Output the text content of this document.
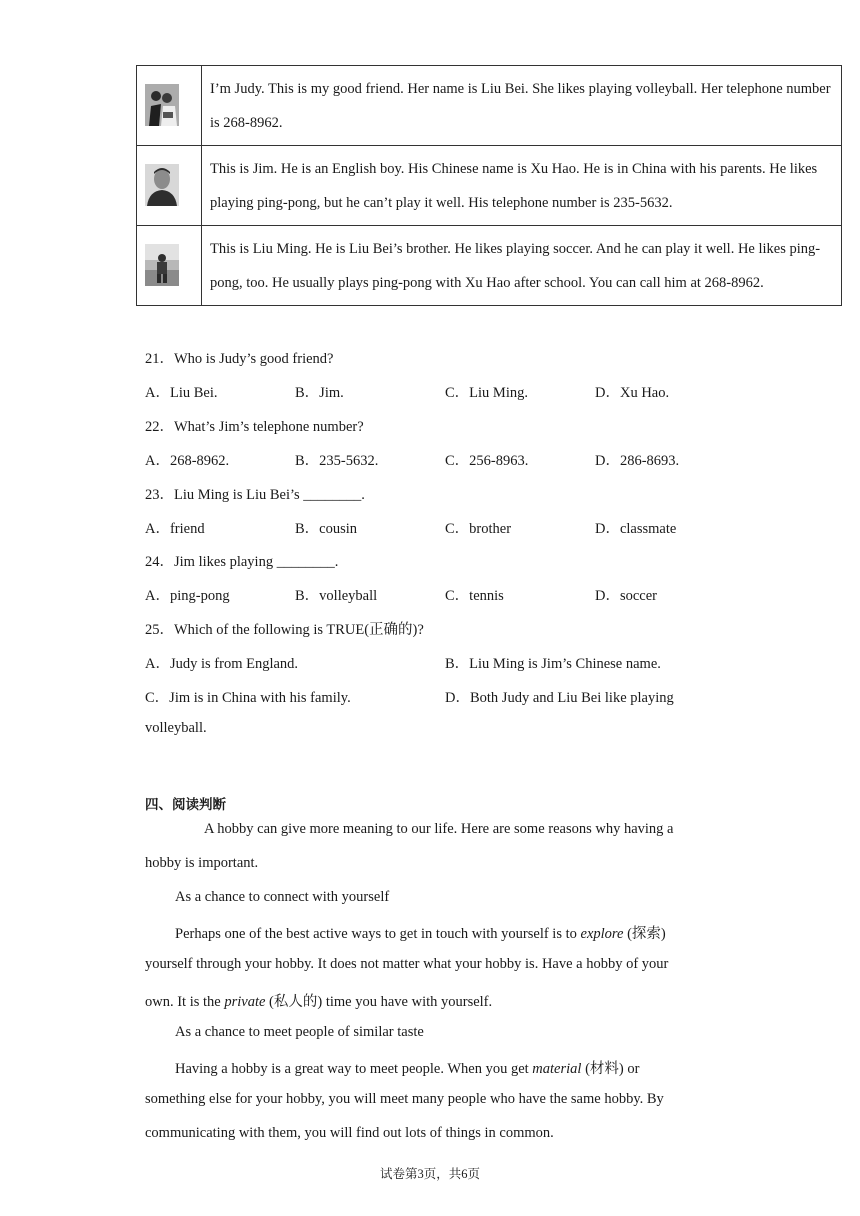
I’m Judy. This is my good friend. Her name is Liu Bei. She likes playing volleyball. Her telephone number is 268-8962.

This is Jim. He is an English boy. His Chinese name is Xu Hao. He is in China with his parents. He likes playing ping-pong, but he can’t play it well. His telephone number is 235-5632.

This is Liu Ming. He is Liu Bei’s brother. He likes playing soccer. And he can play it well. He likes ping-pong, too. He usually plays ping-pong with Xu Hao after school. You can call him at 268-8962.
21．Who is Judy’s good friend?
A．Liu Bei.	B．Jim.	C．Liu Ming.	D．Xu Hao.
22．What’s Jim’s telephone number?
A．268-8962.	B．235-5632.	C．256-8963.	D．286-8693.
23．Liu Ming is Liu Bei’s ________.
A．friend	B．cousin	C．brother	D．classmate
24．Jim likes playing ________.
A．ping-pong	B．volleyball	C．tennis	D．soccer
25．Which of the following is TRUE(正确的)?
A．Judy is from England.	B．Liu Ming is Jim’s Chinese name.
C．Jim is in China with his family.	D．Both Judy and Liu Bei like playing
volleyball.
四、阅读判断
A hobby can give more meaning to our life. Here are some reasons why having a
hobby is important.
As a chance to connect with yourself
Perhaps one of the best active ways to get in touch with yourself is to explore (探索)
yourself through your hobby. It does not matter what your hobby is. Have a hobby of your
own. It is the private (私人的) time you have with yourself.
As a chance to meet people of similar taste
Having a hobby is a great way to meet people. When you get material (材料) or
something else for your hobby, you will meet many people who have the same hobby. By
communicating with them, you will find out lots of things in common.
试卷第3页，共6页
